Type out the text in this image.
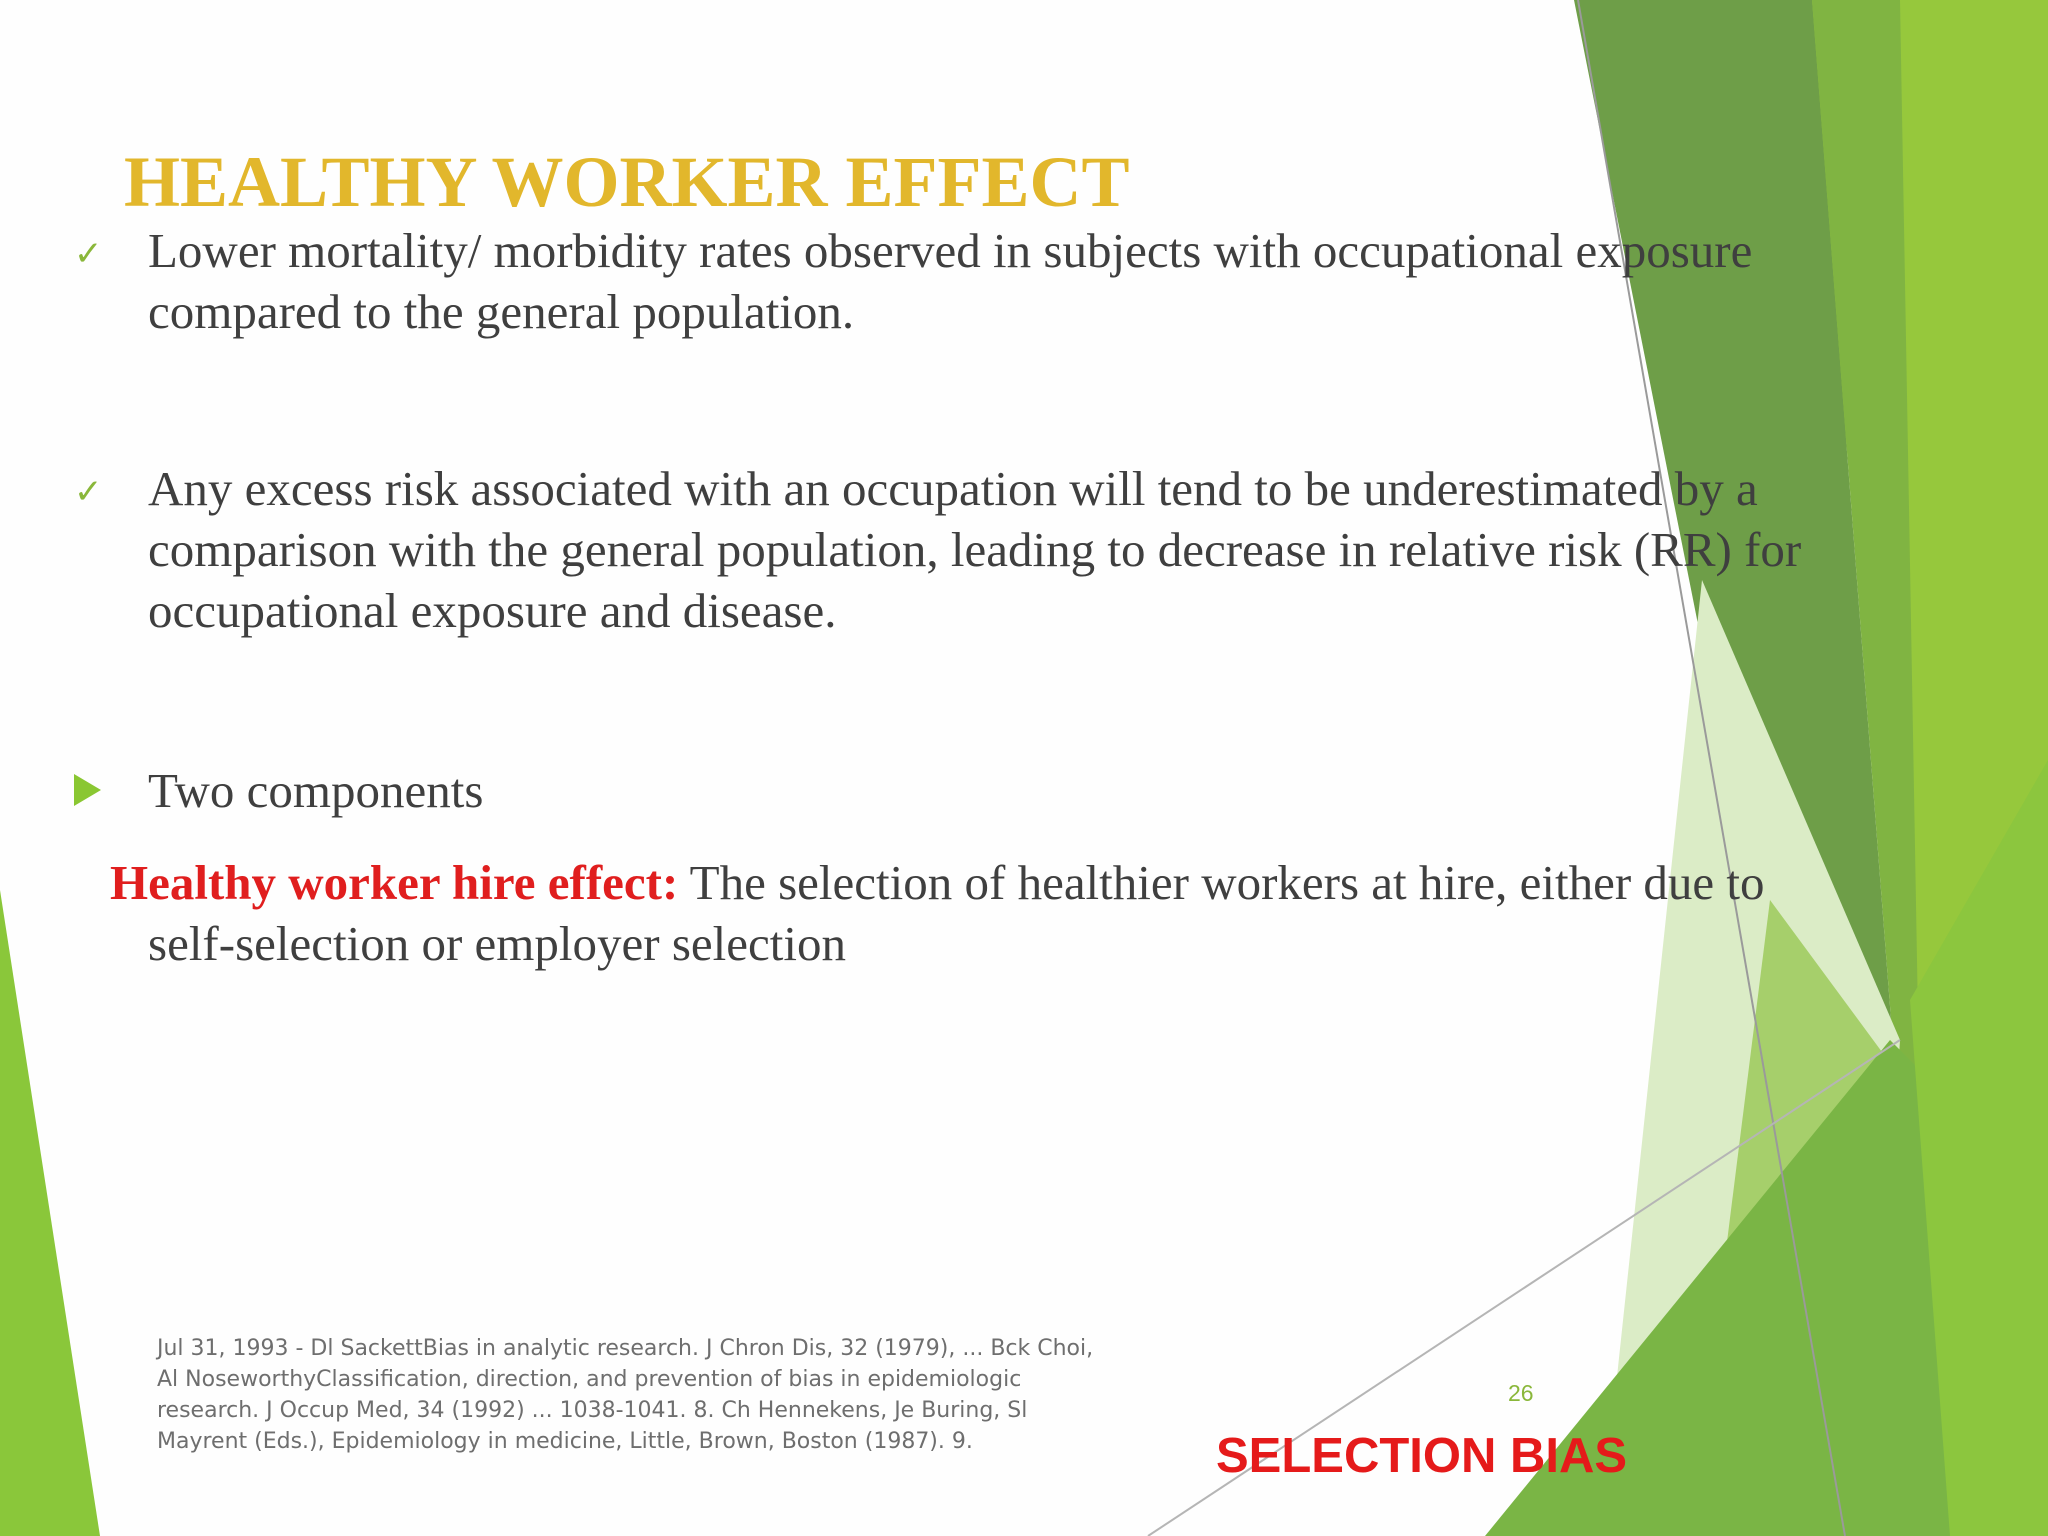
HEALTHY WORKER EFFECT
✓ Lower mortality/ morbidity rates observed in subjects with occupational exposure compared to the general population.
✓ Any excess risk associated with an occupation will tend to be underestimated by a comparison with the general population, leading to decrease in relative risk (RR) for occupational exposure and disease.
Two components
Healthy worker hire effect: The selection of healthier workers at hire, either due to
self-selection or employer selection
Jul 31, 1993 - Dl SackettBias in analytic research. J Chron Dis, 32 (1979), ... Bck Choi,
Al NoseworthyClassification, direction, and prevention of bias in epidemiologic
research. J Occup Med, 34 (1992) ... 1038-1041. 8. Ch Hennekens, Je Buring, Sl
Mayrent (Eds.), Epidemiology in medicine, Little, Brown, Boston (1987). 9.
26
SELECTION BIAS
